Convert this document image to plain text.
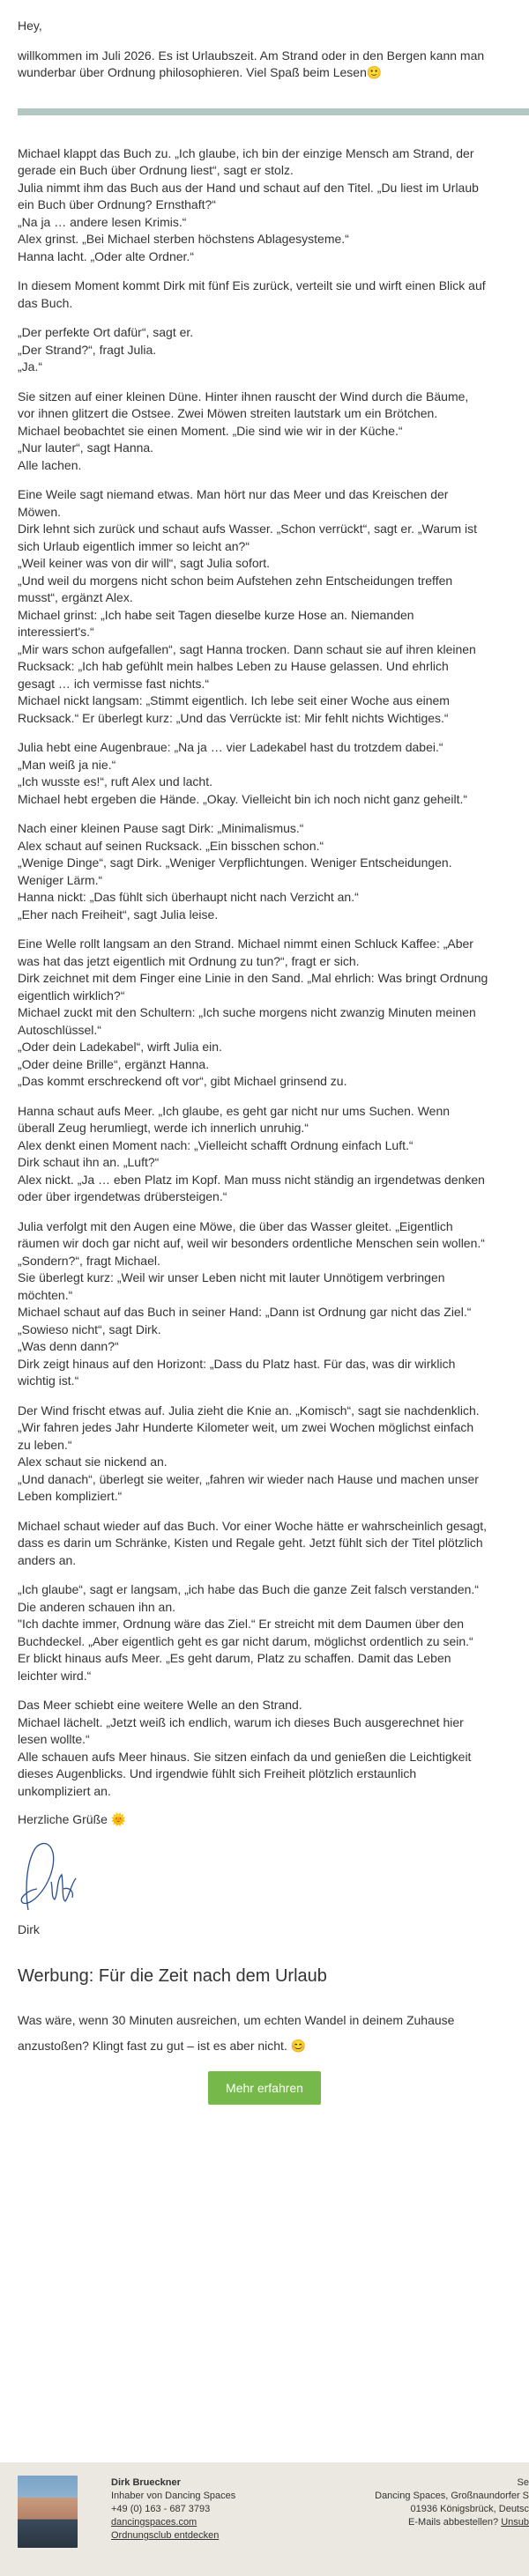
Hey,

willkommen im Juli 2026. Es ist Urlaubszeit. Am Strand oder in den Bergen kann man

wunderbar über Ordnung philosophieren. Viel Spaß beim Lesen🙂

Michael klappt das Buch zu. „Ich glaube, ich bin der einzige Mensch am Strand, der

gerade ein Buch über Ordnung liest“, sagt er stolz.

Julia nimmt ihm das Buch aus der Hand und schaut auf den Titel. „Du liest im Urlaub

ein Buch über Ordnung? Ernsthaft?“

„Na ja … andere lesen Krimis.“

Alex grinst. „Bei Michael sterben höchstens Ablagesysteme.“

Hanna lacht. „Oder alte Ordner.“

In diesem Moment kommt Dirk mit fünf Eis zurück, verteilt sie und wirft einen Blick auf

das Buch.

„Der perfekte Ort dafür“, sagt er.

„Der Strand?“, fragt Julia.

„Ja.“

Sie sitzen auf einer kleinen Düne. Hinter ihnen rauscht der Wind durch die Bäume,

vor ihnen glitzert die Ostsee. Zwei Möwen streiten lautstark um ein Brötchen.

Michael beobachtet sie einen Moment. „Die sind wie wir in der Küche.“

„Nur lauter“, sagt Hanna.

Alle lachen.

Eine Weile sagt niemand etwas. Man hört nur das Meer und das Kreischen der

Möwen.

Dirk lehnt sich zurück und schaut aufs Wasser. „Schon verrückt“, sagt er. „Warum ist

sich Urlaub eigentlich immer so leicht an?“

„Weil keiner was von dir will“, sagt Julia sofort.

„Und weil du morgens nicht schon beim Aufstehen zehn Entscheidungen treffen

musst“, ergänzt Alex.

Michael grinst: „Ich habe seit Tagen dieselbe kurze Hose an. Niemanden

interessiert's.“

„Mir wars schon aufgefallen“, sagt Hanna trocken. Dann schaut sie auf ihren kleinen

Rucksack: „Ich hab gefühlt mein halbes Leben zu Hause gelassen. Und ehrlich

gesagt … ich vermisse fast nichts.“

Michael nickt langsam: „Stimmt eigentlich. Ich lebe seit einer Woche aus einem

Rucksack.“ Er überlegt kurz: „Und das Verrückte ist: Mir fehlt nichts Wichtiges.“

Julia hebt eine Augenbraue: „Na ja … vier Ladekabel hast du trotzdem dabei.“

„Man weiß ja nie.“

„Ich wusste es!“, ruft Alex und lacht.

Michael hebt ergeben die Hände. „Okay. Vielleicht bin ich noch nicht ganz geheilt.“

Nach einer kleinen Pause sagt Dirk: „Minimalismus.“

Alex schaut auf seinen Rucksack. „Ein bisschen schon.“

„Wenige Dinge“, sagt Dirk. „Weniger Verpflichtungen. Weniger Entscheidungen.

Weniger Lärm.“

Hanna nickt: „Das fühlt sich überhaupt nicht nach Verzicht an.“

„Eher nach Freiheit“, sagt Julia leise.

Eine Welle rollt langsam an den Strand. Michael nimmt einen Schluck Kaffee: „Aber

was hat das jetzt eigentlich mit Ordnung zu tun?“, fragt er sich.

Dirk zeichnet mit dem Finger eine Linie in den Sand. „Mal ehrlich: Was bringt Ordnung

eigentlich wirklich?“

Michael zuckt mit den Schultern: „Ich suche morgens nicht zwanzig Minuten meinen

Autoschlüssel.“

„Oder dein Ladekabel“, wirft Julia ein.

„Oder deine Brille“, ergänzt Hanna.

„Das kommt erschreckend oft vor“, gibt Michael grinsend zu.

Hanna schaut aufs Meer. „Ich glaube, es geht gar nicht nur ums Suchen. Wenn

überall Zeug herumliegt, werde ich innerlich unruhig.“

Alex denkt einen Moment nach: „Vielleicht schafft Ordnung einfach Luft.“

Dirk schaut ihn an. „Luft?“

Alex nickt. „Ja … eben Platz im Kopf. Man muss nicht ständig an irgendetwas denken

oder über irgendetwas drübersteigen.“

Julia verfolgt mit den Augen eine Möwe, die über das Wasser gleitet. „Eigentlich

räumen wir doch gar nicht auf, weil wir besonders ordentliche Menschen sein wollen.“

„Sondern?“, fragt Michael.

Sie überlegt kurz: „Weil wir unser Leben nicht mit lauter Unnötigem verbringen

möchten.“

Michael schaut auf das Buch in seiner Hand: „Dann ist Ordnung gar nicht das Ziel.“

„Sowieso nicht“, sagt Dirk.

„Was denn dann?“

Dirk zeigt hinaus auf den Horizont: „Dass du Platz hast. Für das, was dir wirklich

wichtig ist.“

Der Wind frischt etwas auf. Julia zieht die Knie an. „Komisch“, sagt sie nachdenklich.

„Wir fahren jedes Jahr Hunderte Kilometer weit, um zwei Wochen möglichst einfach

zu leben.“

Alex schaut sie nickend an.

„Und danach“, überlegt sie weiter, „fahren wir wieder nach Hause und machen unser

Leben kompliziert.“

Michael schaut wieder auf das Buch. Vor einer Woche hätte er wahrscheinlich gesagt,

dass es darin um Schränke, Kisten und Regale geht. Jetzt fühlt sich der Titel plötzlich

anders an.

„Ich glaube“, sagt er langsam, „ich habe das Buch die ganze Zeit falsch verstanden.“

Die anderen schauen ihn an.

"Ich dachte immer, Ordnung wäre das Ziel.“ Er streicht mit dem Daumen über den

Buchdeckel. „Aber eigentlich geht es gar nicht darum, möglichst ordentlich zu sein.“

Er blickt hinaus aufs Meer. „Es geht darum, Platz zu schaffen. Damit das Leben

leichter wird.“

Das Meer schiebt eine weitere Welle an den Strand.

Michael lächelt. „Jetzt weiß ich endlich, warum ich dieses Buch ausgerechnet hier

lesen wollte.“

Alle schauen aufs Meer hinaus. Sie sitzen einfach da und genießen die Leichtigkeit

dieses Augenblicks. Und irgendwie fühlt sich Freiheit plötzlich erstaunlich

unkompliziert an.

Herzliche Grüße 🌞

Dirk
Werbung: Für die Zeit nach dem Urlaub

Was wäre, wenn 30 Minuten ausreichen, um echten Wandel in deinem Zuhause anzustoßen? Klingt fast zu gut – ist es aber nicht. 😊

Mehr erfahren
Dirk Brueckner
Inhaber von Dancing Spaces
+49 (0) 163 - 687 3793
dancingspaces.com
Ordnungsclub entdecken
Se
Dancing Spaces, Großnaundorfer S
01936 Königsbrück, Deutsc
E-Mails abbestellen? Unsub
